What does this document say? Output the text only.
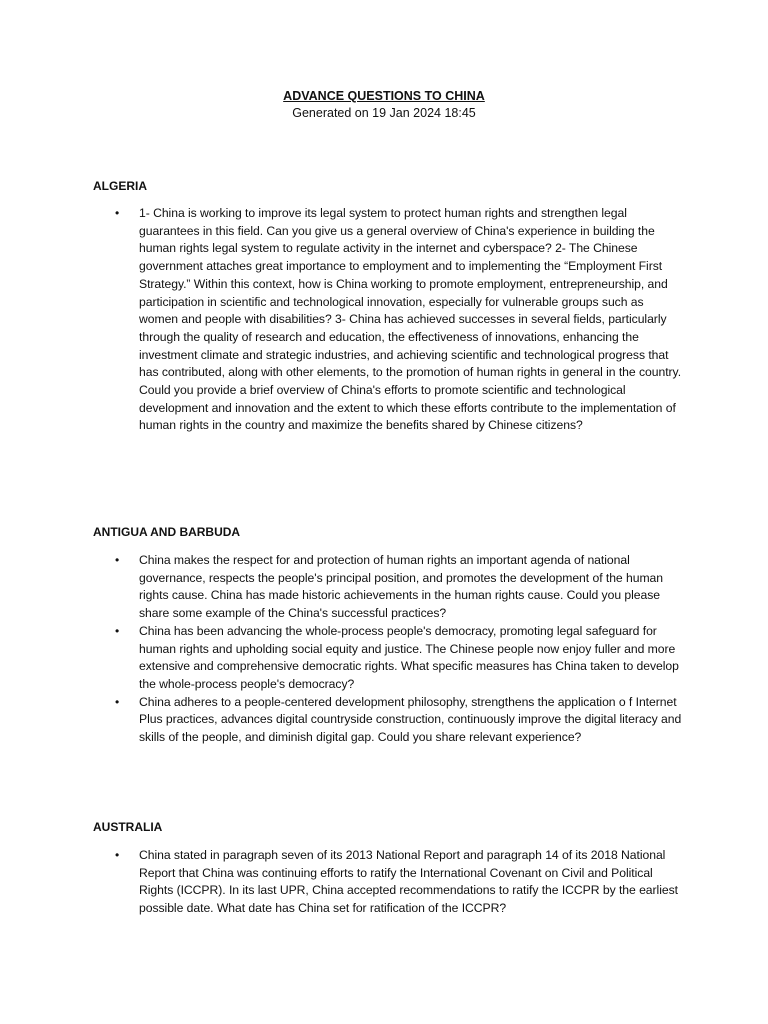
ADVANCE QUESTIONS TO CHINA
Generated on 19 Jan 2024 18:45

ALGERIA

• 1- China is working to improve its legal system to protect human rights and strengthen legal guarantees in this field. Can you give us a general overview of China's experience in building the human rights legal system to regulate activity in the internet and cyberspace? 2- The Chinese government attaches great importance to employment and to implementing the “Employment First Strategy.” Within this context, how is China working to promote employment, entrepreneurship, and participation in scientific and technological innovation, especially for vulnerable groups such as women and people with disabilities? 3- China has achieved successes in several fields, particularly through the quality of research and education, the effectiveness of innovations, enhancing the investment climate and strategic industries, and achieving scientific and technological progress that has contributed, along with other elements, to the promotion of human rights in general in the country. Could you provide a brief overview of China's efforts to promote scientific and technological development and innovation and the extent to which these efforts contribute to the implementation of human rights in the country and maximize the benefits shared by Chinese citizens?

ANTIGUA AND BARBUDA

• China makes the respect for and protection of human rights an important agenda of national governance, respects the people's principal position, and promotes the development of the human rights cause. China has made historic achievements in the human rights cause. Could you please share some example of the China's successful practices?
• China has been advancing the whole-process people's democracy, promoting legal safeguard for human rights and upholding social equity and justice. The Chinese people now enjoy fuller and more extensive and comprehensive democratic rights. What specific measures has China taken to develop the whole-process people's democracy?
• China adheres to a people-centered development philosophy, strengthens the application o f Internet Plus practices, advances digital countryside construction, continuously improve the digital literacy and skills of the people, and diminish digital gap. Could you share relevant experience?

AUSTRALIA

• China stated in paragraph seven of its 2013 National Report and paragraph 14 of its 2018 National Report that China was continuing efforts to ratify the International Covenant on Civil and Political Rights (ICCPR). In its last UPR, China accepted recommendations to ratify the ICCPR by the earliest possible date. What date has China set for ratification of the ICCPR?
